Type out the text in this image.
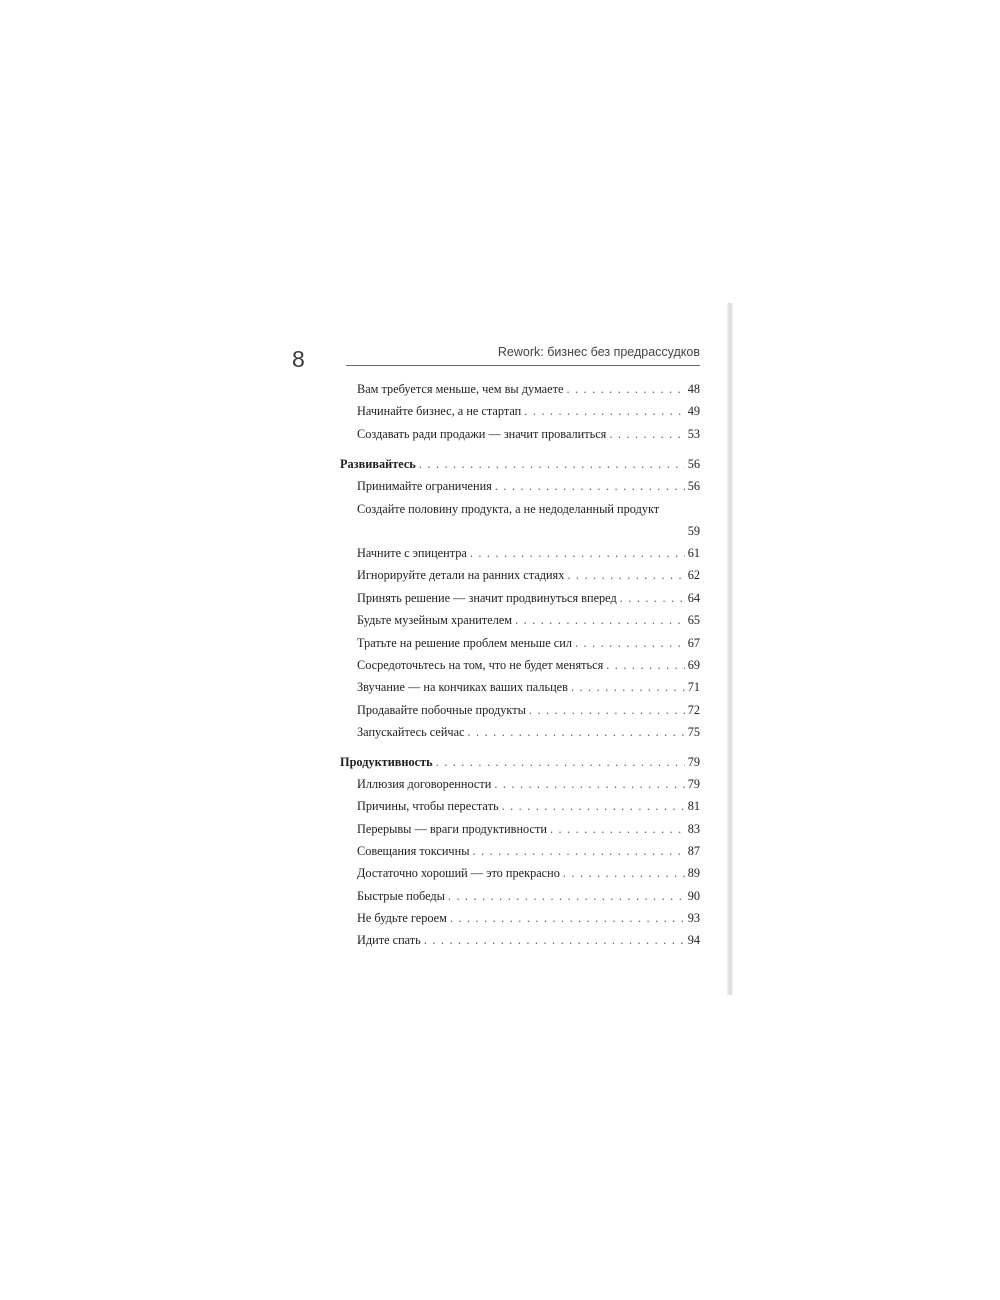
8	Rework: бизнес без предрассудков
Вам требуется меньше, чем вы думаете . . .	48
Начинайте бизнес, а не стартап . . .	49
Создавать ради продажи — значит провалиться . . .	53
Развивайтесь . . .	56
Принимайте ограничения . . .	56
Создайте половину продукта, а не недоделанный продукт
59
Начните с эпицентра . . .	61
Игнорируйте детали на ранних стадиях . . .	62
Принять решение — значит продвинуться вперед . . .	64
Будьте музейным хранителем . . .	65
Тратьте на решение проблем меньше сил . . .	67
Сосредоточьтесь на том, что не будет меняться . . .	69
Звучание — на кончиках ваших пальцев . . .	71
Продавайте побочные продукты . . .	72
Запускайтесь сейчас . . .	75
Продуктивность . . .	79
Иллюзия договоренности . . .	79
Причины, чтобы перестать . . .	81
Перерывы — враги продуктивности . . .	83
Совещания токсичны . . .	87
Достаточно хороший — это прекрасно . . .	89
Быстрые победы . . .	90
Не будьте героем . . .	93
Идите спать . . .	94
